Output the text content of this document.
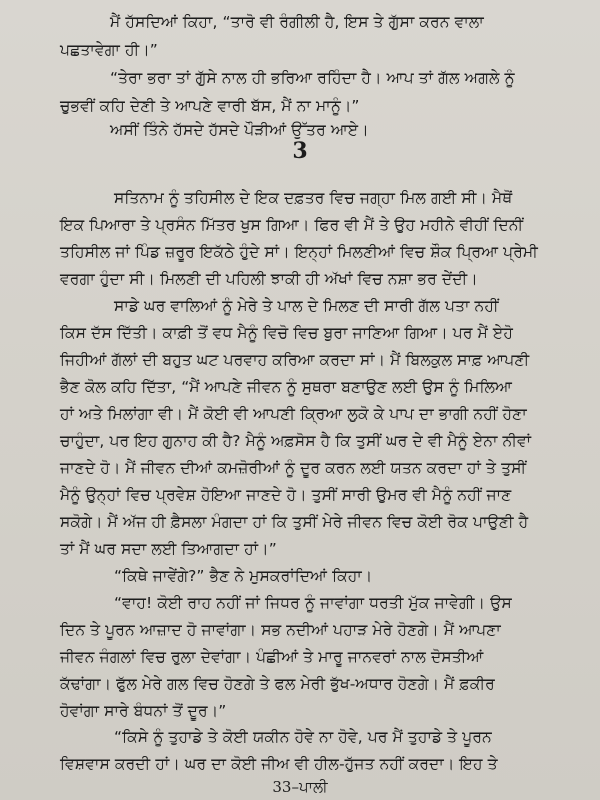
ਮੈਂ ਹੱਸਦਿਆਂ ਕਿਹਾ, “ਤਾਰੋ ਵੀ ਰੰਗੀਲੀ ਹੈ, ਇਸ ਤੇ ਗੁੱਸਾ ਕਰਨ ਵਾਲਾ
ਪਛਤਾਵੇਗਾ ਹੀ।”
“ਤੇਰਾ ਭਰਾ ਤਾਂ ਗੁੱਸੇ ਨਾਲ ਹੀ ਭਰਿਆ ਰਹਿੰਦਾ ਹੈ। ਆਪ ਤਾਂ ਗੱਲ ਅਗਲੇ ਨੂੰ
ਚੁਭਵੀਂ ਕਹਿ ਦੇਣੀ ਤੇ ਆਪਣੇ ਵਾਰੀ ਬੱਸ, ਮੈਂ ਨਾ ਮਾਨੂੰ।”
ਅਸੀਂ ਤਿੰਨੇ ਹੱਸਦੇ ਹੱਸਦੇ ਪੌੜੀਆਂ ਉੱਤਰ ਆਏ।
3
ਸਤਿਨਾਮ ਨੂੰ ਤਹਿਸੀਲ ਦੇ ਇਕ ਦਫ਼ਤਰ ਵਿਚ ਜਗ੍ਹਾ ਮਿਲ ਗਈ ਸੀ। ਮੈਥੋਂ
ਇਕ ਪਿਆਰਾ ਤੇ ਪ੍ਰਸੰਨ ਮਿੱਤਰ ਖੁਸ ਗਿਆ। ਫਿਰ ਵੀ ਮੈਂ ਤੇ ਉਹ ਮਹੀਨੇ ਵੀਹੀਂ ਦਿਨੀਂ
ਤਹਿਸੀਲ ਜਾਂ ਪਿੰਡ ਜ਼ਰੂਰ ਇਕੱਠੇ ਹੁੰਦੇ ਸਾਂ। ਇਨ੍ਹਾਂ ਮਿਲਣੀਆਂ ਵਿਚ ਸ਼ੌਕ ਪ੍ਰਿਆ ਪ੍ਰੇਮੀ
ਵਰਗਾ ਹੁੰਦਾ ਸੀ। ਮਿਲਣੀ ਦੀ ਪਹਿਲੀ ਝਾਕੀ ਹੀ ਅੱਖਾਂ ਵਿਚ ਨਸ਼ਾ ਭਰ ਦੇਂਦੀ।
ਸਾਡੇ ਘਰ ਵਾਲਿਆਂ ਨੂੰ ਮੇਰੇ ਤੇ ਪਾਲ ਦੇ ਮਿਲਣ ਦੀ ਸਾਰੀ ਗੱਲ ਪਤਾ ਨਹੀਂ
ਕਿਸ ਦੱਸ ਦਿੱਤੀ। ਕਾਫ਼ੀ ਤੋਂ ਵਧ ਮੈਨੂੰ ਵਿਚੋ ਵਿਚ ਬੁਰਾ ਜਾਣਿਆ ਗਿਆ। ਪਰ ਮੈਂ ਏਹੋ
ਜਿਹੀਆਂ ਗੱਲਾਂ ਦੀ ਬਹੁਤ ਘਟ ਪਰਵਾਹ ਕਰਿਆ ਕਰਦਾ ਸਾਂ। ਮੈਂ ਬਿਲਕੁਲ ਸਾਫ਼ ਆਪਣੀ
ਭੈਣ ਕੋਲ ਕਹਿ ਦਿੱਤਾ, “ਮੈਂ ਆਪਣੇ ਜੀਵਨ ਨੂੰ ਸੁਥਰਾ ਬਣਾਉਣ ਲਈ ਉਸ ਨੂੰ ਮਿਲਿਆ
ਹਾਂ ਅਤੇ ਮਿਲਾਂਗਾ ਵੀ। ਮੈਂ ਕੋਈ ਵੀ ਆਪਣੀ ਕ੍ਰਿਆ ਲੁਕੋ ਕੇ ਪਾਪ ਦਾ ਭਾਗੀ ਨਹੀਂ ਹੋਣਾ
ਚਾਹੁੰਦਾ, ਪਰ ਇਹ ਗੁਨਾਹ ਕੀ ਹੈ? ਮੈਨੂੰ ਅਫ਼ਸੋਸ ਹੈ ਕਿ ਤੁਸੀਂ ਘਰ ਦੇ ਵੀ ਮੈਨੂੰ ਏਨਾ ਨੀਵਾਂ
ਜਾਣਦੇ ਹੋ। ਮੈਂ ਜੀਵਨ ਦੀਆਂ ਕਮਜ਼ੋਰੀਆਂ ਨੂੰ ਦੂਰ ਕਰਨ ਲਈ ਯਤਨ ਕਰਦਾ ਹਾਂ ਤੇ ਤੁਸੀਂ
ਮੈਨੂੰ ਉਨ੍ਹਾਂ ਵਿਚ ਪ੍ਰਵੇਸ਼ ਹੋਇਆ ਜਾਣਦੇ ਹੋ। ਤੁਸੀਂ ਸਾਰੀ ਉਮਰ ਵੀ ਮੈਨੂੰ ਨਹੀਂ ਜਾਣ
ਸਕੋਗੇ। ਮੈਂ ਅੱਜ ਹੀ ਫ਼ੈਸਲਾ ਮੰਗਦਾ ਹਾਂ ਕਿ ਤੁਸੀਂ ਮੇਰੇ ਜੀਵਨ ਵਿਚ ਕੋਈ ਰੋਕ ਪਾਉਣੀ ਹੈ
ਤਾਂ ਮੈਂ ਘਰ ਸਦਾ ਲਈ ਤਿਆਗਦਾ ਹਾਂ।”
“ਕਿਥੇ ਜਾਵੇਂਗੇ?” ਭੈਣ ਨੇ ਮੁਸਕਰਾਂਦਿਆਂ ਕਿਹਾ।
“ਵਾਹ! ਕੋਈ ਰਾਹ ਨਹੀਂ ਜਾਂ ਜਿਧਰ ਨੂੰ ਜਾਵਾਂਗਾ ਧਰਤੀ ਮੁੱਕ ਜਾਵੇਗੀ। ਉਸ
ਦਿਨ ਤੇ ਪੂਰਨ ਆਜ਼ਾਦ ਹੋ ਜਾਵਾਂਗਾ। ਸਭ ਨਦੀਆਂ ਪਹਾੜ ਮੇਰੇ ਹੋਣਗੇ। ਮੈਂ ਆਪਣਾ
ਜੀਵਨ ਜੰਗਲਾਂ ਵਿਚ ਰੁਲਾ ਦੇਵਾਂਗਾ। ਪੰਛੀਆਂ ਤੇ ਮਾਰੂ ਜਾਨਵਰਾਂ ਨਾਲ ਦੋਸਤੀਆਂ
ਕੱਢਾਂਗਾ। ਫੁੱਲ ਮੇਰੇ ਗਲ ਵਿਚ ਹੋਣਗੇ ਤੇ ਫਲ ਮੇਰੀ ਭੁੱਖ-ਅਧਾਰ ਹੋਣਗੇ। ਮੈਂ ਫ਼ਕੀਰ
ਹੋਵਾਂਗਾ ਸਾਰੇ ਬੰਧਨਾਂ ਤੋਂ ਦੂਰ।”
“ਕਿਸੇ ਨੂੰ ਤੁਹਾਡੇ ਤੇ ਕੋਈ ਯਕੀਨ ਹੋਵੇ ਨਾ ਹੋਵੇ, ਪਰ ਮੈਂ ਤੁਹਾਡੇ ਤੇ ਪੂਰਨ
ਵਿਸ਼ਵਾਸ ਕਰਦੀ ਹਾਂ। ਘਰ ਦਾ ਕੋਈ ਜੀਅ ਵੀ ਹੀਲ-ਹੁੱਜਤ ਨਹੀਂ ਕਰਦਾ। ਇਹ ਤੇ
33–ਪਾਲੀ
